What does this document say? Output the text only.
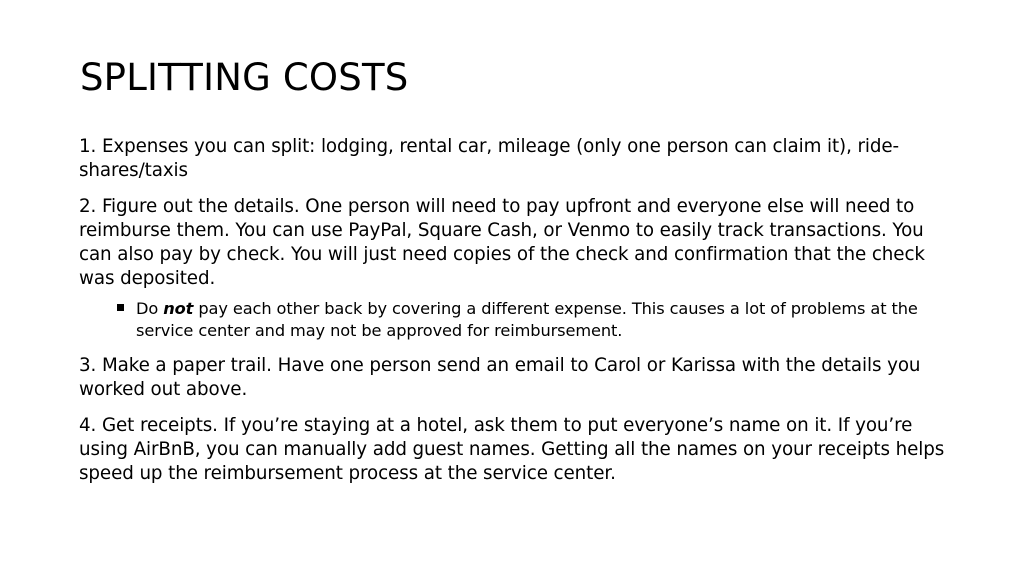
SPLITTING COSTS

1. Expenses you can split: lodging, rental car, mileage (only one person can claim it), ride-shares/taxis

2. Figure out the details. One person will need to pay upfront and everyone else will need to reimburse them. You can use PayPal, Square Cash, or Venmo to easily track transactions. You can also pay by check. You will just need copies of the check and confirmation that the check was deposited.

Do not pay each other back by covering a different expense. This causes a lot of problems at the service center and may not be approved for reimbursement.

3. Make a paper trail. Have one person send an email to Carol or Karissa with the details you worked out above.

4. Get receipts. If you’re staying at a hotel, ask them to put everyone’s name on it. If you’re using AirBnB, you can manually add guest names. Getting all the names on your receipts helps speed up the reimbursement process at the service center.
